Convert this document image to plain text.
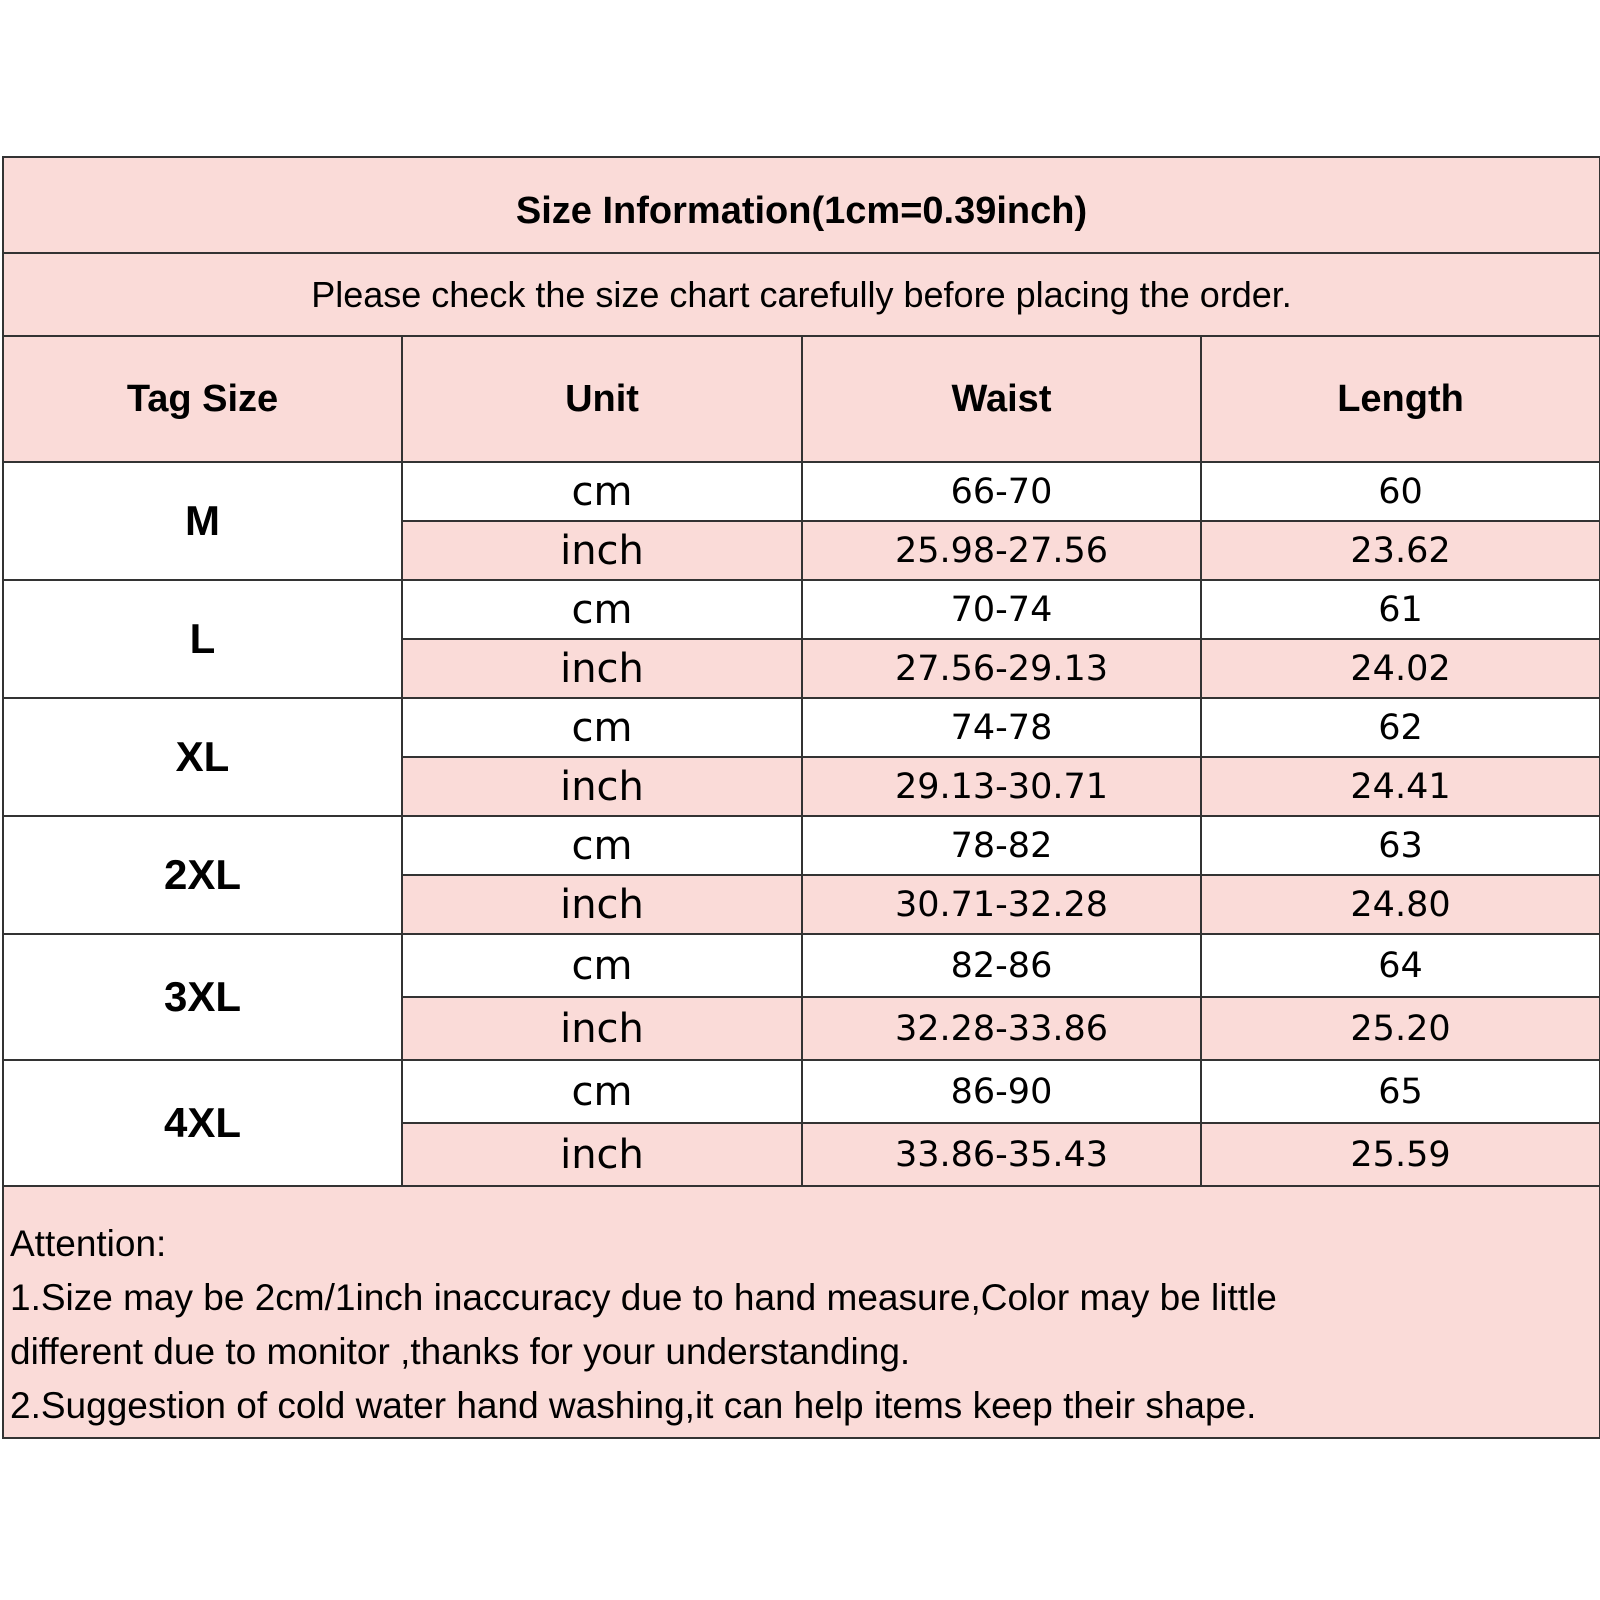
Size Information(1cm=0.39inch)			
Please check the size chart carefully before placing the order.			
Tag Size	Unit	Waist	Length
M	cm	66-70	60
	inch	25.98-27.56	23.62
L	cm	70-74	61
	inch	27.56-29.13	24.02
XL	cm	74-78	62
	inch	29.13-30.71	24.41
2XL	cm	78-82	63
	inch	30.71-32.28	24.80
3XL	cm	82-86	64
	inch	32.28-33.86	25.20
4XL	cm	86-90	65
	inch	33.86-35.43	25.59

Attention:
1.Size may be 2cm/1inch inaccuracy due to hand measure,Color may be little
different due to monitor ,thanks for your understanding.
2.Suggestion of cold water hand washing,it can help items keep their shape.			
